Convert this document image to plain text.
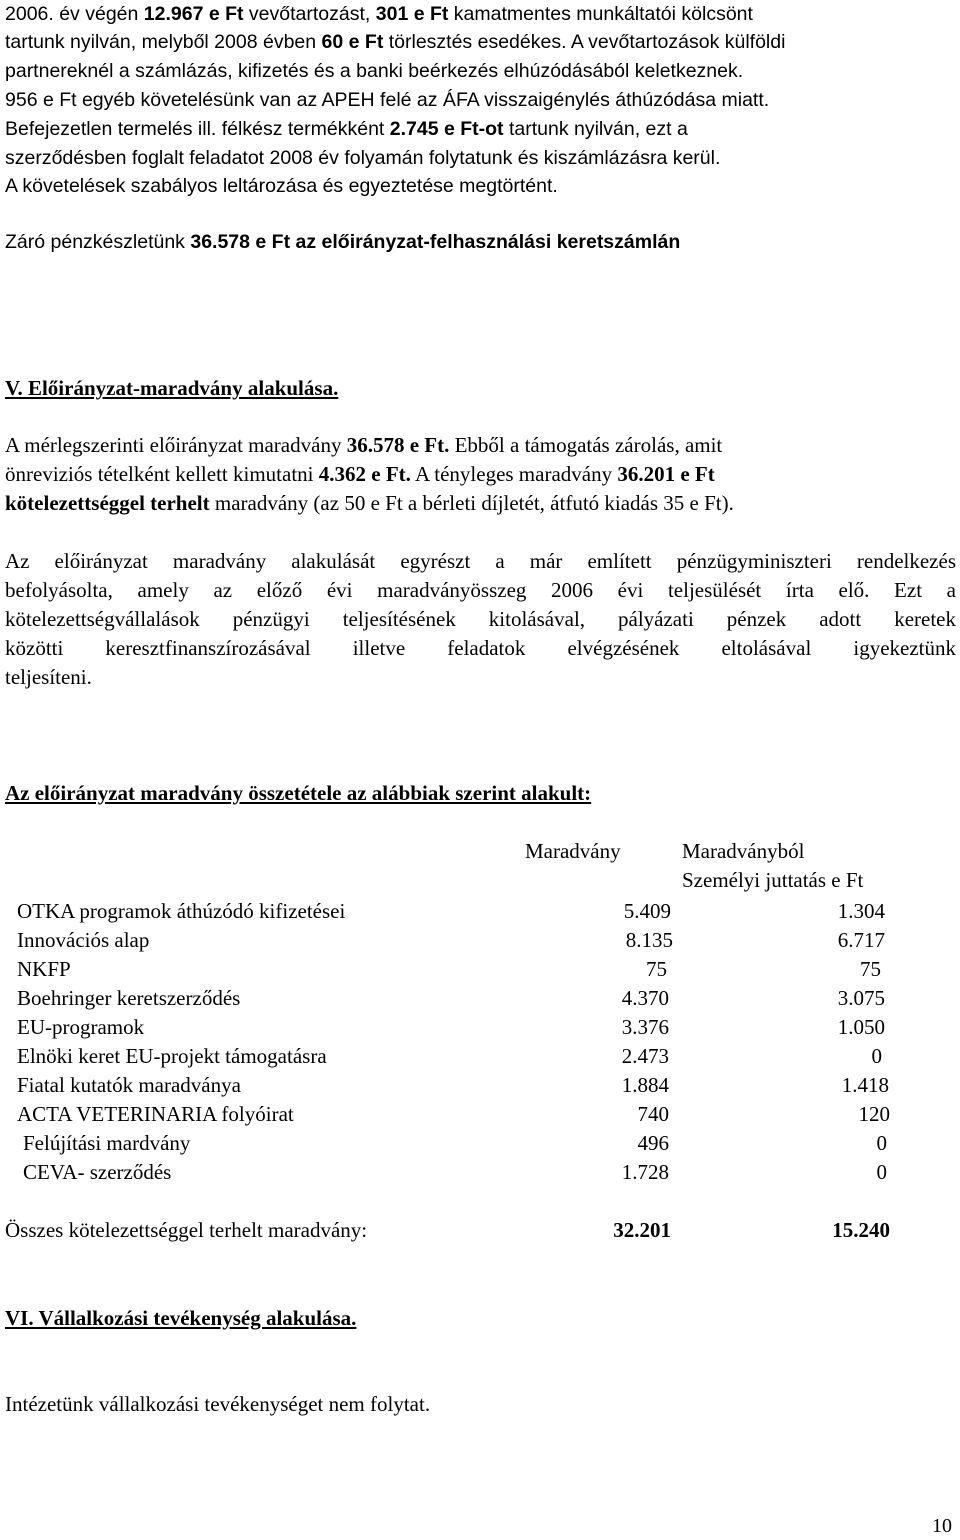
2006. év végén 12.967 e Ft vevőtartozást, 301 e Ft kamatmentes munkáltatói kölcsönt
tartunk nyilván, melyből 2008 évben 60 e Ft törlesztés esedékes. A vevőtartozások külföldi
partnereknél a számlázás, kifizetés és a banki beérkezés elhúzódásából keletkeznek.
956 e Ft egyéb követelésünk van az APEH felé az ÁFA visszaigénylés áthúzódása miatt.
Befejezetlen termelés ill. félkész termékként 2.745 e Ft-ot tartunk nyilván, ezt a
szerződésben foglalt feladatot 2008 év folyamán folytatunk és kiszámlázásra kerül.
A követelések szabályos leltározása és egyeztetése megtörtént.
Záró pénzkészletünk 36.578 e Ft az előirányzat-felhasználási keretszámlán
V. Előirányzat-maradvány alakulása.
A mérlegszerinti előirányzat maradvány 36.578 e Ft. Ebből a támogatás zárolás, amit
önreviziós tételként kellett kimutatni 4.362 e Ft. A tényleges maradvány 36.201 e Ft
kötelezettséggel terhelt maradvány (az 50 e Ft a bérleti díjletét, átfutó kiadás 35 e Ft).
Az előirányzat maradvány alakulását egyrészt a már említett pénzügyminiszteri rendelkezés
befolyásolta, amely az előző évi maradványösszeg 2006 évi teljesülését írta elő. Ezt a
kötelezettségvállalások pénzügyi teljesítésének kitolásával, pályázati pénzek adott keretek
közötti keresztfinanszírozásával illetve feladatok elvégzésének eltolásával igyekeztünk
teljesíteni.
Az előirányzat maradvány összetétele az alábbiak szerint alakult:
Maradvány	Maradványból
Személyi juttatás e Ft
OTKA programok áthúzódó kifizetései	5.409	1.304
Innovációs alap	8.135	6.717
NKFP	75	75
Boehringer keretszerződés	4.370	3.075
EU-programok	3.376	1.050
Elnöki keret EU-projekt támogatásra	2.473	0
Fiatal kutatók maradványa	1.884	1.418
ACTA VETERINARIA folyóirat	740	120
Felújítási mardvány	496	0
CEVA- szerződés	1.728	0
Összes kötelezettséggel terhelt maradvány:	32.201	15.240
VI. Vállalkozási tevékenység alakulása.
Intézetünk vállalkozási tevékenységet nem folytat.
10
